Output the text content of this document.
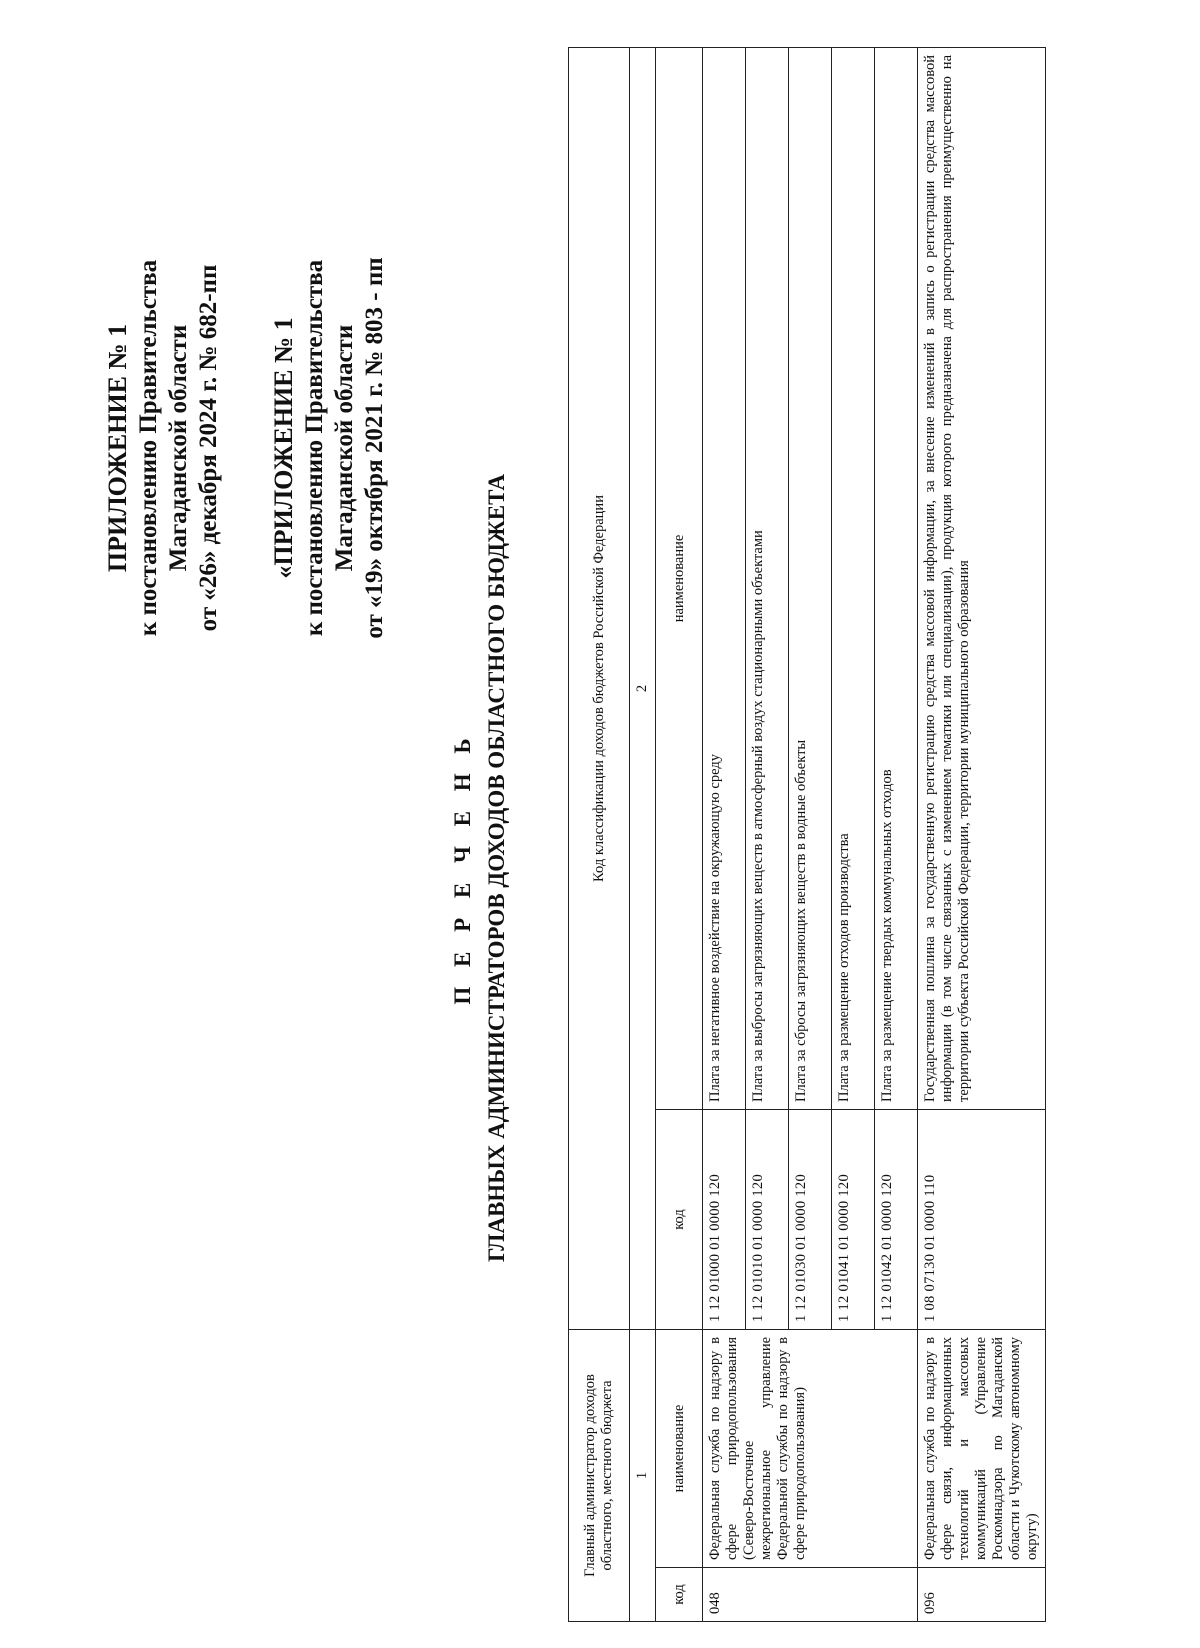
ПРИЛОЖЕНИЕ № 1 к постановлению Правительства Магаданской области от «26» декабря 2024 г. № 682-пп «ПРИЛОЖЕНИЕ № 1 к постановлению Правительства Магаданской области от «19» октября 2021 г. № 803 - пп
П Е Р Е Ч Е Н Ь ГЛАВНЫХ АДМИНИСТРАТОРОВ ДОХОДОВ ОБЛАСТНОГО БЮДЖЕТА
Главный администратор доходов областного, местного бюджета		Код классификации доходов бюджетов Российской Федерации	
1		2	
код	наименование	код	наименование
048	Федеральная служба по надзору в сфере природопользования (Северо-Восточное межрегиональное управление Федеральной службы по надзору в сфере природопользования)	1 12 01000 01 0000 120	Плата за негативное воздействие на окружающую среду
		1 12 01010 01 0000 120	Плата за выбросы загрязняющих веществ в атмосферный воздух стационарными объектами
		1 12 01030 01 0000 120	Плата за сбросы загрязняющих веществ в водные объекты
		1 12 01041 01 0000 120	Плата за размещение отходов производства
		1 12 01042 01 0000 120	Плата за размещение твердых коммунальных отходов
096	Федеральная служба по надзору в сфере связи, информационных технологий и массовых коммуникаций (Управление Роскомнадзора по Магаданской области и Чукотскому автономному округу)	1 08 07130 01 0000 110	Государственная пошлина за государственную регистрацию средства массовой информации, за внесение изменений в запись о регистрации средства массовой информации (в том числе связанных с изменением тематики или специализации), продукция которого предназначена для распространения преимущественно на территории субъекта Российской Федерации, территории муниципального образования
